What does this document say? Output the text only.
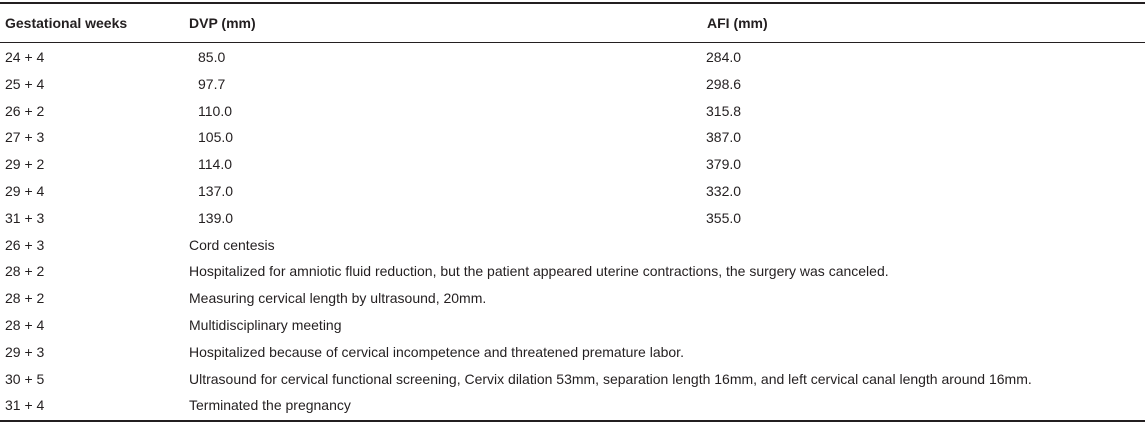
Gestational weeks	DVP (mm)	AFI (mm)
24 + 4	85.0	284.0
25 + 4	97.7	298.6
26 + 2	110.0	315.8
27 + 3	105.0	387.0
29 + 2	114.0	379.0
29 + 4	137.0	332.0
31 + 3	139.0	355.0
26 + 3	Cord centesis
28 + 2	Hospitalized for amniotic fluid reduction, but the patient appeared uterine contractions, the surgery was canceled.
28 + 2	Measuring cervical length by ultrasound, 20mm.
28 + 4	Multidisciplinary meeting
29 + 3	Hospitalized because of cervical incompetence and threatened premature labor.
30 + 5	Ultrasound for cervical functional screening, Cervix dilation 53mm, separation length 16mm, and left cervical canal length around 16mm.
31 + 4	Terminated the pregnancy
